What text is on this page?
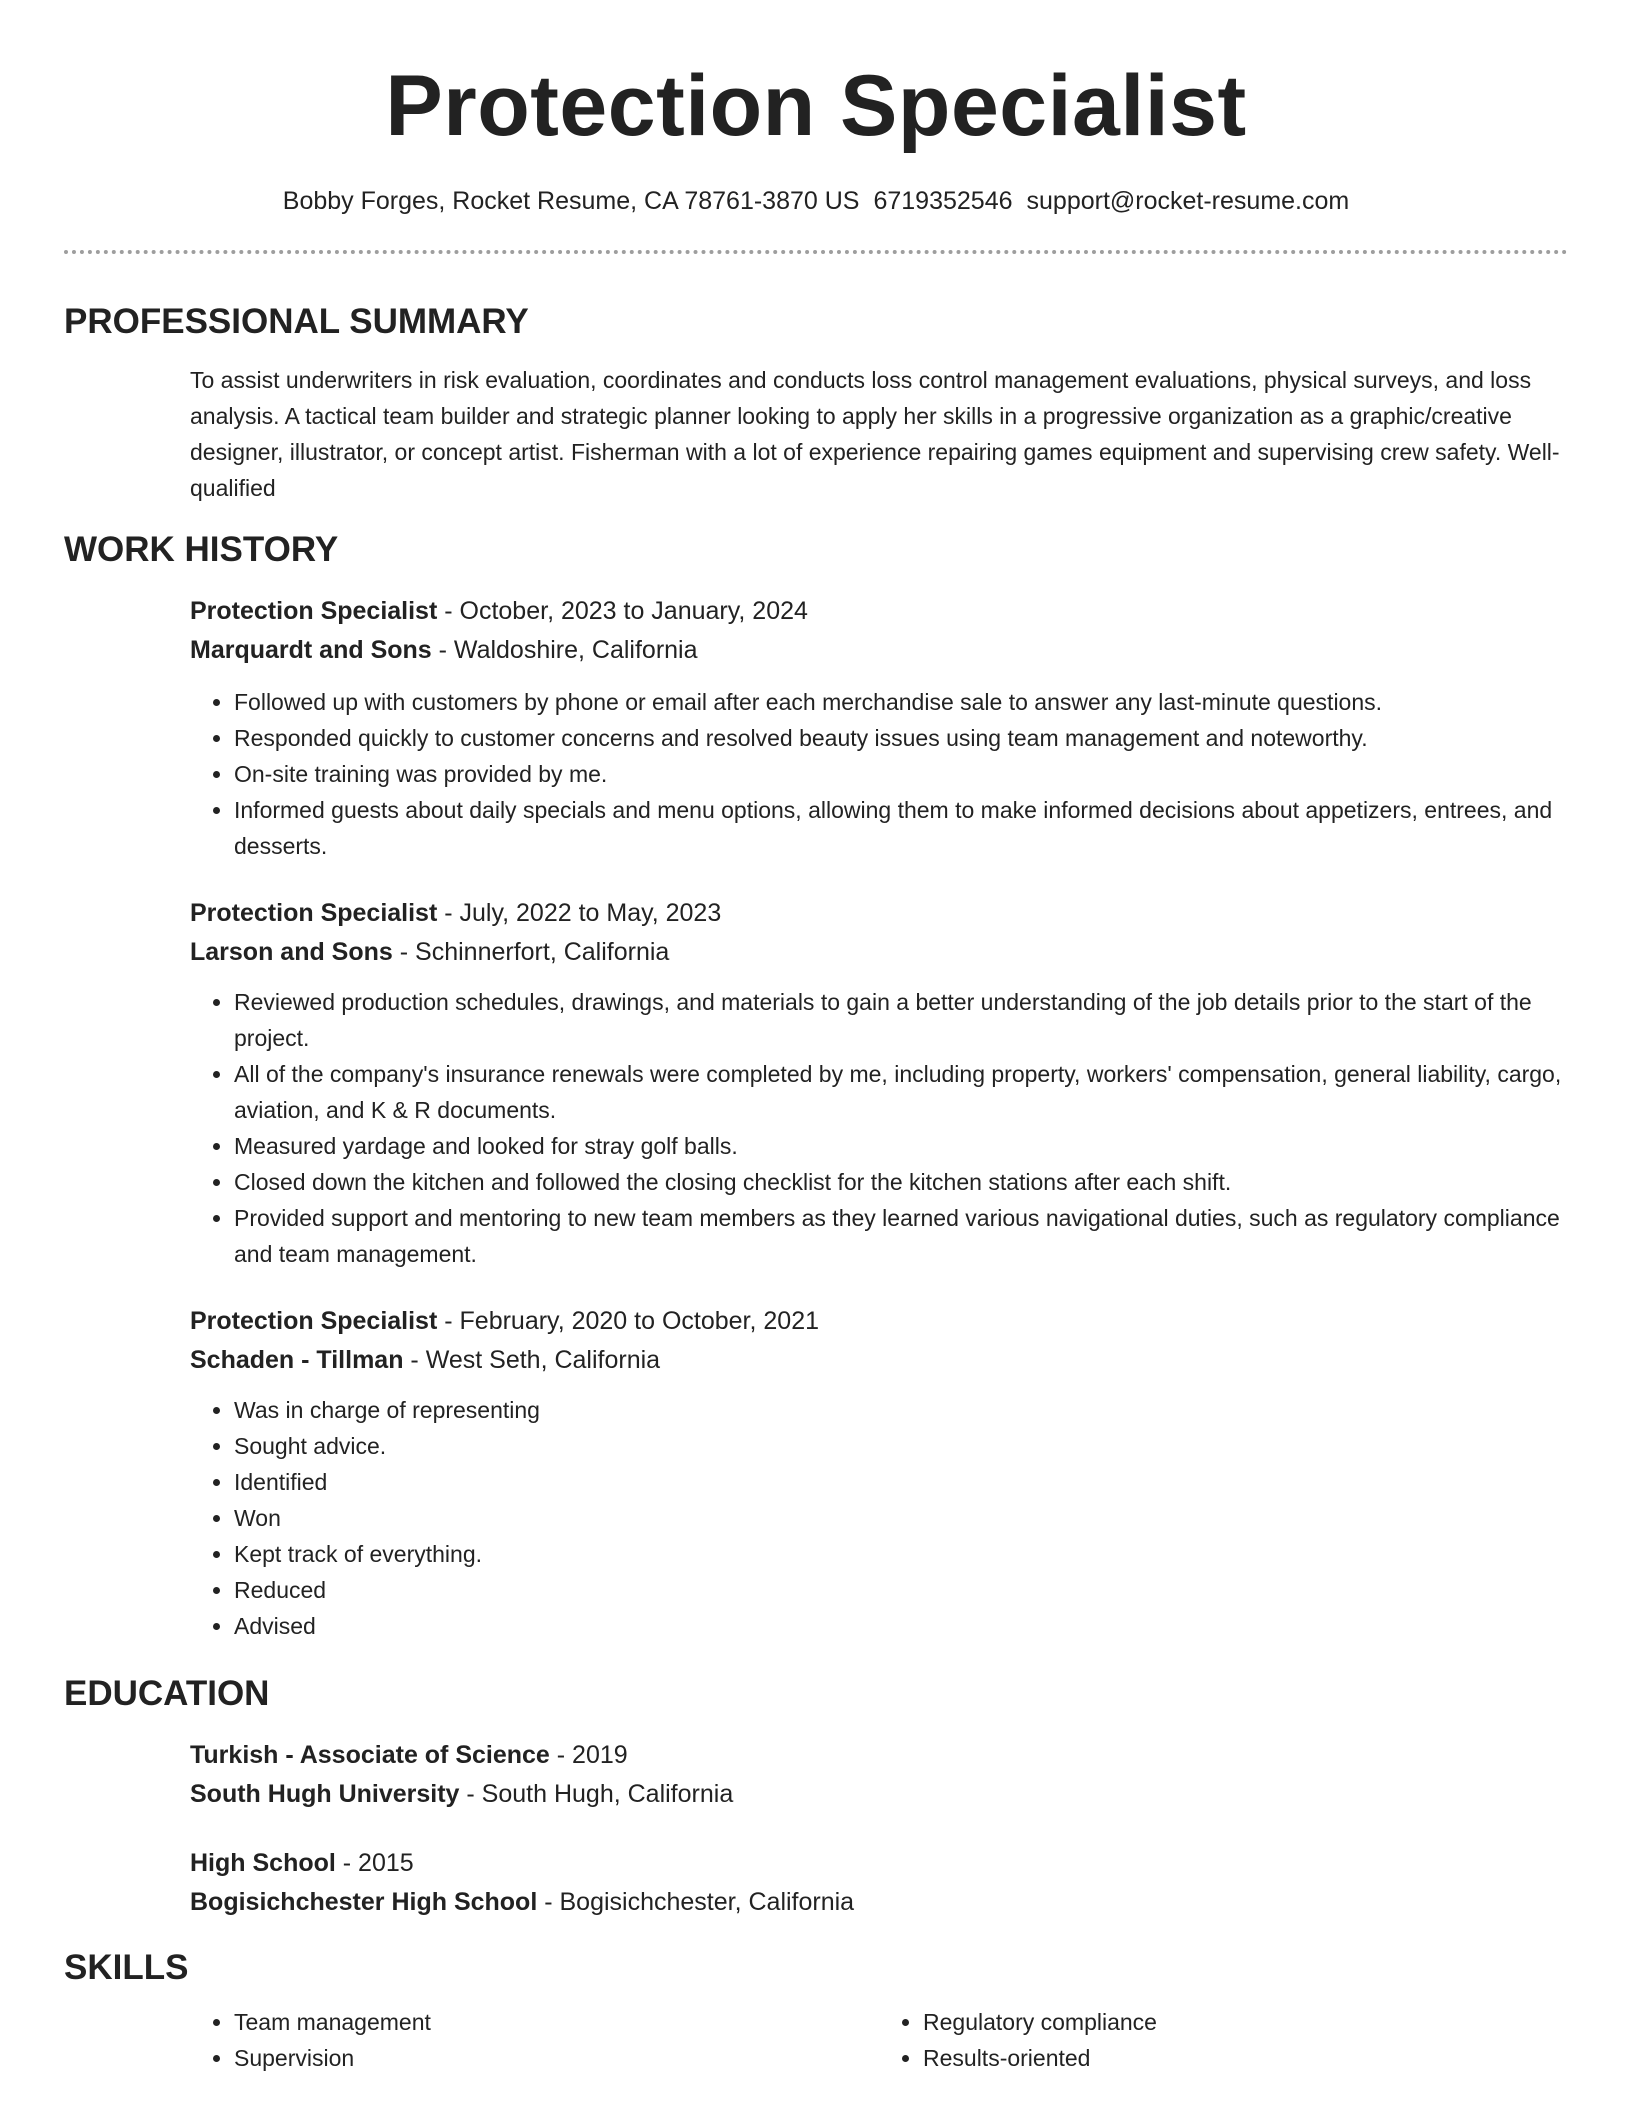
Protection Specialist
Bobby Forges, Rocket Resume, CA 78761-3870 US 6719352546 support@rocket-resume.com
PROFESSIONAL SUMMARY
To assist underwriters in risk evaluation, coordinates and conducts loss control management evaluations, physical surveys, and loss analysis. A tactical team builder and strategic planner looking to apply her skills in a progressive organization as a graphic/creative designer, illustrator, or concept artist. Fisherman with a lot of experience repairing games equipment and supervising crew safety. Well-qualified
WORK HISTORY
Protection Specialist - October, 2023 to January, 2024
Marquardt and Sons - Waldoshire, California
• Followed up with customers by phone or email after each merchandise sale to answer any last-minute questions.
• Responded quickly to customer concerns and resolved beauty issues using team management and noteworthy.
• On-site training was provided by me.
• Informed guests about daily specials and menu options, allowing them to make informed decisions about appetizers, entrees, and desserts.
Protection Specialist - July, 2022 to May, 2023
Larson and Sons - Schinnerfort, California
• Reviewed production schedules, drawings, and materials to gain a better understanding of the job details prior to the start of the project.
• All of the company's insurance renewals were completed by me, including property, workers' compensation, general liability, cargo, aviation, and K & R documents.
• Measured yardage and looked for stray golf balls.
• Closed down the kitchen and followed the closing checklist for the kitchen stations after each shift.
• Provided support and mentoring to new team members as they learned various navigational duties, such as regulatory compliance and team management.
Protection Specialist - February, 2020 to October, 2021
Schaden - Tillman - West Seth, California
• Was in charge of representing
• Sought advice.
• Identified
• Won
• Kept track of everything.
• Reduced
• Advised
EDUCATION
Turkish - Associate of Science - 2019
South Hugh University - South Hugh, California
High School - 2015
Bogisichchester High School - Bogisichchester, California
SKILLS
• Team management
• Supervision
• Regulatory compliance
• Results-oriented
